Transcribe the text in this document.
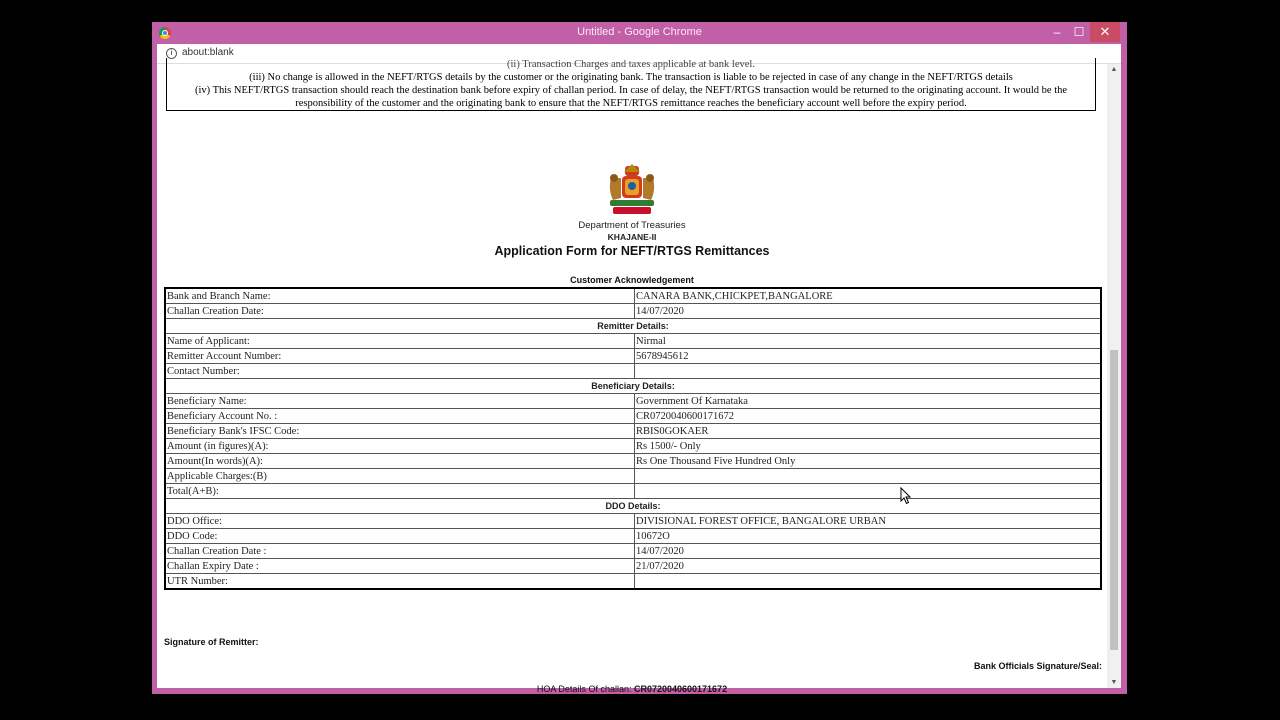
Untitled - Google Chrome	–	☐	✕
i about:blank

(ii) Transaction Charges and taxes applicable at bank level.

(iii) No change is allowed in the NEFT/RTGS details by the customer or the originating bank. The transaction is liable to be rejected in case of any change in the NEFT/RTGS details

(iv) This NEFT/RTGS transaction should reach the destination bank before expiry of challan period. In case of delay, the NEFT/RTGS transaction would be returned to the originating account. It would be the responsibility of the customer and the originating bank to ensure that the NEFT/RTGS remittance reaches the beneficiary account well before the expiry period.

Department of Treasuries
KHAJANE-II
Application Form for NEFT/RTGS Remittances
Customer Acknowledgement
Bank and Branch Name:	CANARA BANK,CHICKPET,BANGALORE
Challan Creation Date:	14/07/2020
Remitter Details:	
Name of Applicant:	Nirmal
Remitter Account Number:	5678945612
Contact Number:	
Beneficiary Details:	
Beneficiary Name:	Government Of Karnataka
Beneficiary Account No. :	CR0720040600171672
Beneficiary Bank's IFSC Code:	RBIS0GOKAER
Amount (in figures)(A):	Rs 1500/- Only
Amount(In words)(A):	Rs One Thousand Five Hundred Only
Applicable Charges:(B)	
Total(A+B):	
DDO Details:	
DDO Office:	DIVISIONAL FOREST OFFICE, BANGALORE URBAN
DDO Code:	10672O
Challan Creation Date :	14/07/2020
Challan Expiry Date :	21/07/2020
UTR Number:	
Signature of Remitter:
Bank Officials Signature/Seal:
HOA Details Of challan: CR0720040600171672
▲
▼
